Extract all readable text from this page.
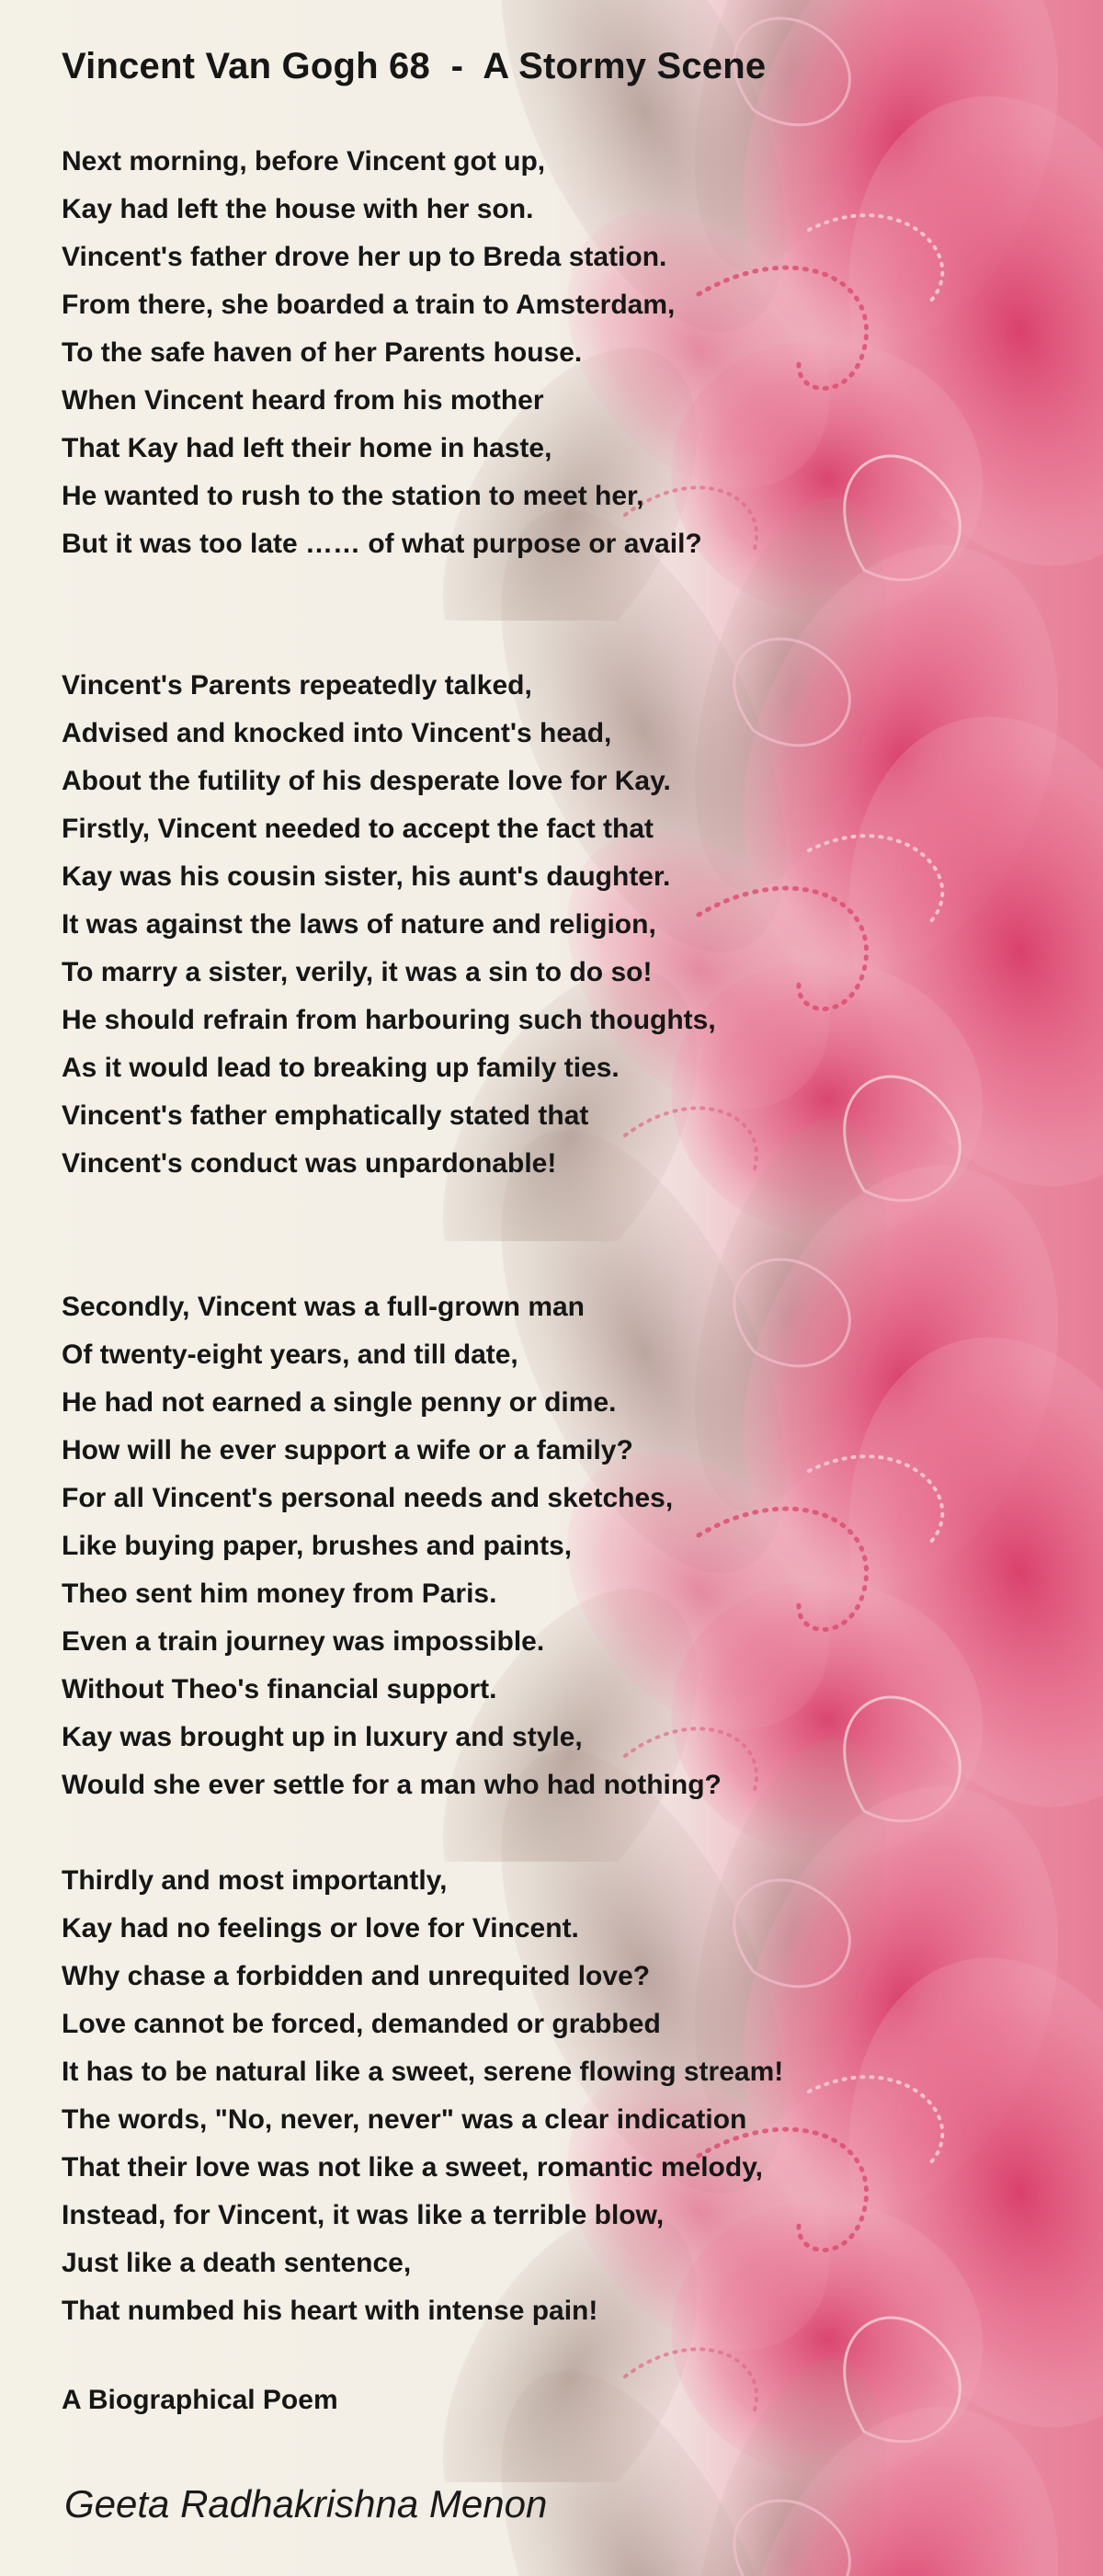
Vincent Van Gogh 68  -  A Stormy Scene
Next morning, before Vincent got up,
Kay had left the house with her son.
Vincent's father drove her up to Breda station.
From there, she boarded a train to Amsterdam,
To the safe haven of her Parents house.
When Vincent heard from his mother
That Kay had left their home in haste,
He wanted to rush to the station to meet her,
But it was too late …… of what purpose or avail?
Vincent's Parents repeatedly talked,
Advised and knocked into Vincent's head,
About the futility of his desperate love for Kay.
Firstly, Vincent needed to accept the fact that
Kay was his cousin sister, his aunt's daughter.
It was against the laws of nature and religion,
To marry a sister, verily, it was a sin to do so!
He should refrain from harbouring such thoughts,
As it would lead to breaking up family ties.
Vincent's father emphatically stated that
Vincent's conduct was unpardonable!
Secondly, Vincent was a full-grown man
Of twenty-eight years, and till date,
He had not earned a single penny or dime.
How will he ever support a wife or a family?
For all Vincent's personal needs and sketches,
Like buying paper, brushes and paints,
Theo sent him money from Paris.
Even a train journey was impossible.
Without Theo's financial support.
Kay was brought up in luxury and style,
Would she ever settle for a man who had nothing?
Thirdly and most importantly,
Kay had no feelings or love for Vincent.
Why chase a forbidden and unrequited love?
Love cannot be forced, demanded or grabbed
It has to be natural like a sweet, serene flowing stream!
The words, "No, never, never" was a clear indication
That their love was not like a sweet, romantic melody,
Instead, for Vincent, it was like a terrible blow,
Just like a death sentence,
That numbed his heart with intense pain!
A Biographical Poem
Geeta Radhakrishna Menon
